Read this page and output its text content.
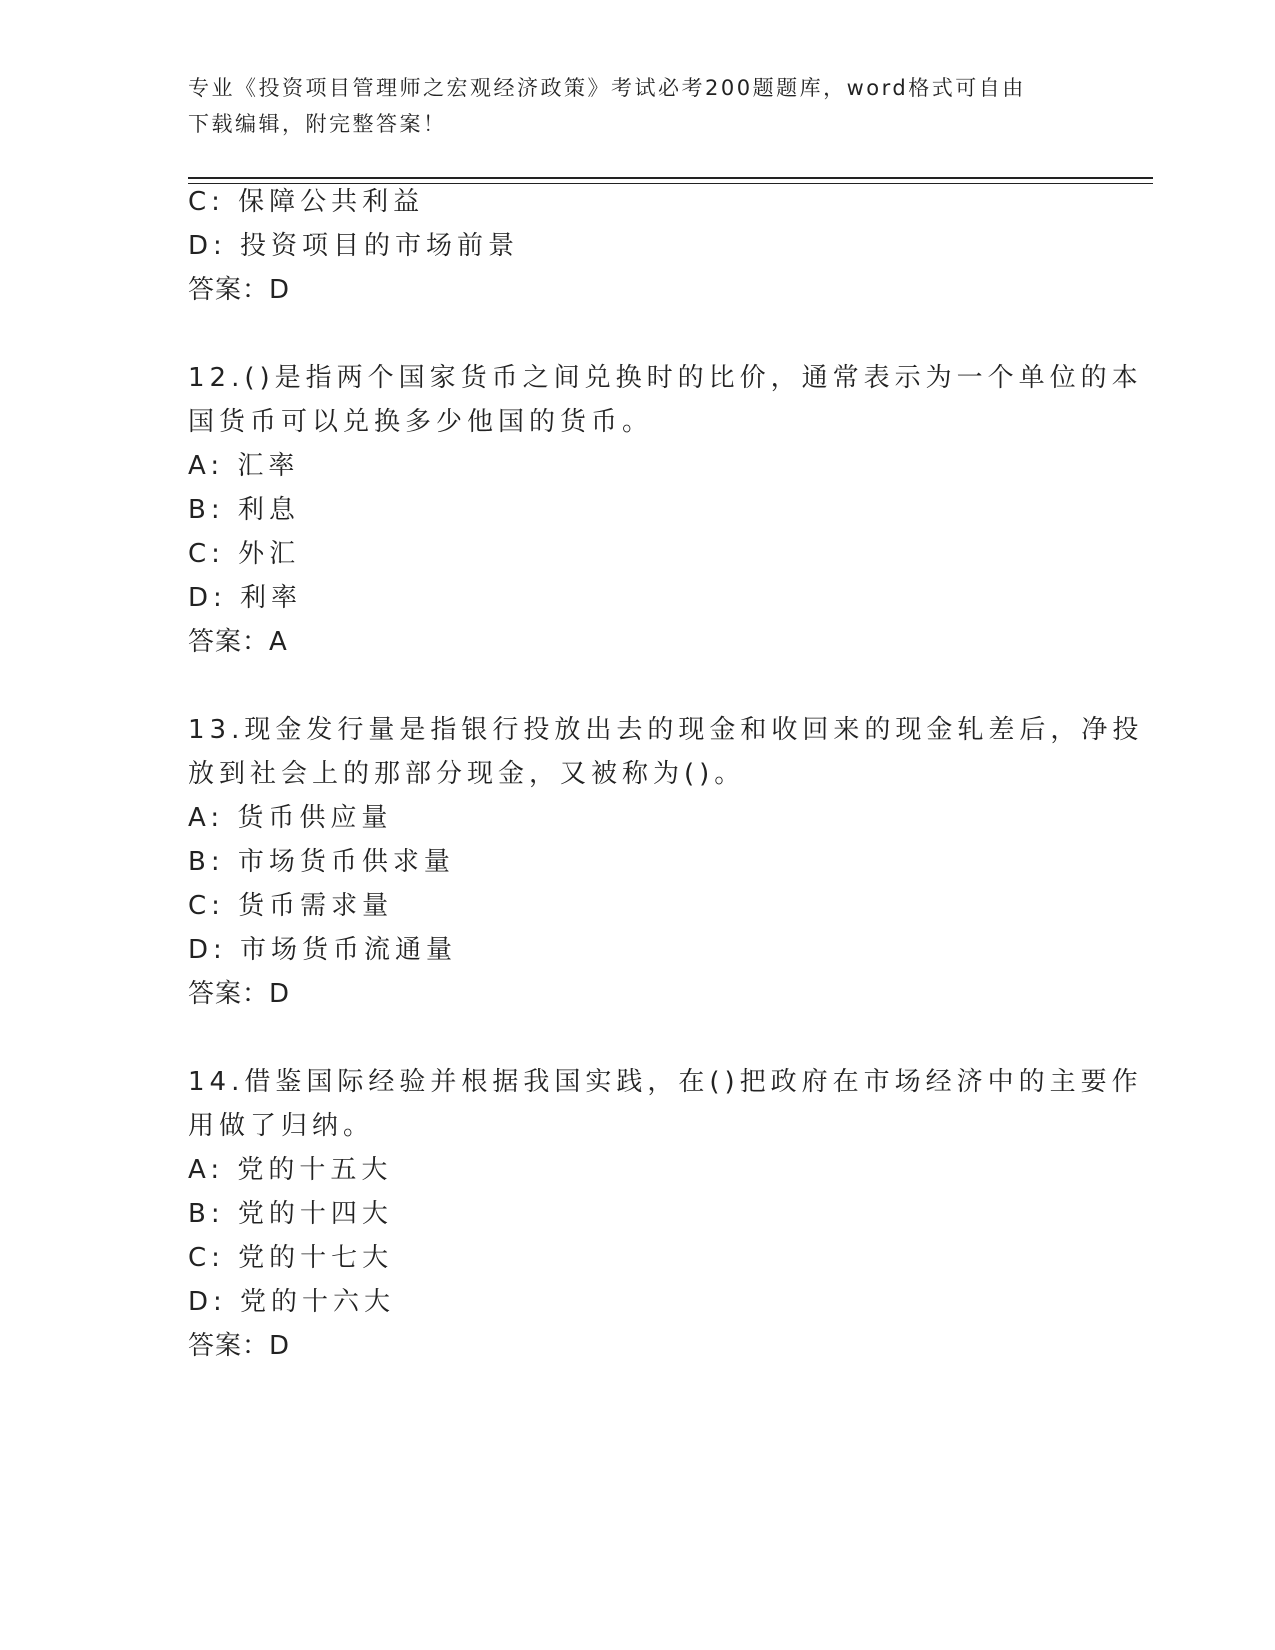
专业《投资项目管理师之宏观经济政策》考试必考200题题库，word格式可自由
下载编辑，附完整答案！
C: 保障公共利益
D: 投资项目的市场前景
答案：D
12.()是指两个国家货币之间兑换时的比价，通常表示为一个单位的本
国货币可以兑换多少他国的货币。
A: 汇率
B: 利息
C: 外汇
D: 利率
答案：A
13.现金发行量是指银行投放出去的现金和收回来的现金轧差后，净投
放到社会上的那部分现金，又被称为()。
A: 货币供应量
B: 市场货币供求量
C: 货币需求量
D: 市场货币流通量
答案：D
14.借鉴国际经验并根据我国实践，在()把政府在市场经济中的主要作
用做了归纳。
A: 党的十五大
B: 党的十四大
C: 党的十七大
D: 党的十六大
答案：D
